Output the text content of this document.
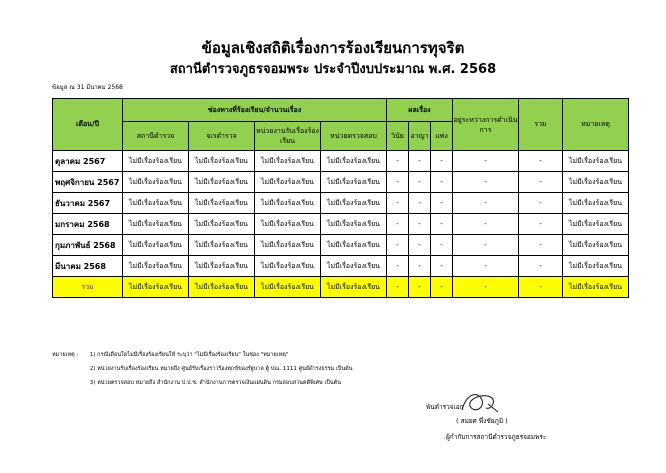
ข้อมูลเชิงสถิติเรื่องการร้องเรียนการทุจริต
สถานีตำรวจภูธรจอมพระ ประจำปีงบประมาณ พ.ศ. 2568
ข้อมูล ณ 31 มีนาคม 2568
เดือน/ปี	ช่องทางที่ร้องเรียน/จำนวนเรื่อง				ผลเรื่อง			อยู่ระหว่างการดำเนินการ	รวม	หมายเหตุ
	สถานีตำรวจ	จเรตำรวจ	หน่วยงานรับเรื่องร้องเรียน	หน่วยตรวจสอบ	วินัย	อาญา	แพ่ง			
ตุลาคม 2567	ไม่มีเรื่องร้องเรียน	ไม่มีเรื่องร้องเรียน	ไม่มีเรื่องร้องเรียน	ไม่มีเรื่องร้องเรียน	-	-	-	-	-	ไม่มีเรื่องร้องเรียน
พฤศจิกายน 2567	ไม่มีเรื่องร้องเรียน	ไม่มีเรื่องร้องเรียน	ไม่มีเรื่องร้องเรียน	ไม่มีเรื่องร้องเรียน	-	-	-	-	-	ไม่มีเรื่องร้องเรียน
ธันวาคม 2567	ไม่มีเรื่องร้องเรียน	ไม่มีเรื่องร้องเรียน	ไม่มีเรื่องร้องเรียน	ไม่มีเรื่องร้องเรียน	-	-	-	-	-	ไม่มีเรื่องร้องเรียน
มกราคม 2568	ไม่มีเรื่องร้องเรียน	ไม่มีเรื่องร้องเรียน	ไม่มีเรื่องร้องเรียน	ไม่มีเรื่องร้องเรียน	-	-	-	-	-	ไม่มีเรื่องร้องเรียน
กุมภาพันธ์ 2568	ไม่มีเรื่องร้องเรียน	ไม่มีเรื่องร้องเรียน	ไม่มีเรื่องร้องเรียน	ไม่มีเรื่องร้องเรียน	-	-	-	-	-	ไม่มีเรื่องร้องเรียน
มีนาคม 2568	ไม่มีเรื่องร้องเรียน	ไม่มีเรื่องร้องเรียน	ไม่มีเรื่องร้องเรียน	ไม่มีเรื่องร้องเรียน	-	-	-	-	-	ไม่มีเรื่องร้องเรียน
รวม	ไม่มีเรื่องร้องเรียน	ไม่มีเรื่องร้องเรียน	ไม่มีเรื่องร้องเรียน	ไม่มีเรื่องร้องเรียน	-	-	-	-	-	ไม่มีเรื่องร้องเรียน
หมายเหตุ : 1) กรณีเดือนใดไม่มีเรื่องร้องเรียนให้ ระบุว่า "ไม่มีเรื่องร้องเรียน" ในช่อง "หมายเหตุ"
2) หน่วยงานรับเรื่องร้องเรียน หมายถึง ศูนย์รับเรื่องราวร้องทุกข์ของรัฐบาล ตู้ ปณ. 1111 ศูนย์ดำรงธรรม เป็นต้น
3) หน่วยตรวจสอบ หมายถึง สำนักงาน ป.ป.ช. สำนักงานการตรวจเงินแผ่นดิน กรมสอบสวนคดีพิเศษ เป็นต้น
พันตำรวจเอก
( สมยศ พึ่งชัยภูมิ )
ผู้กำกับการสถานีตำรวจภูธรจอมพระ
